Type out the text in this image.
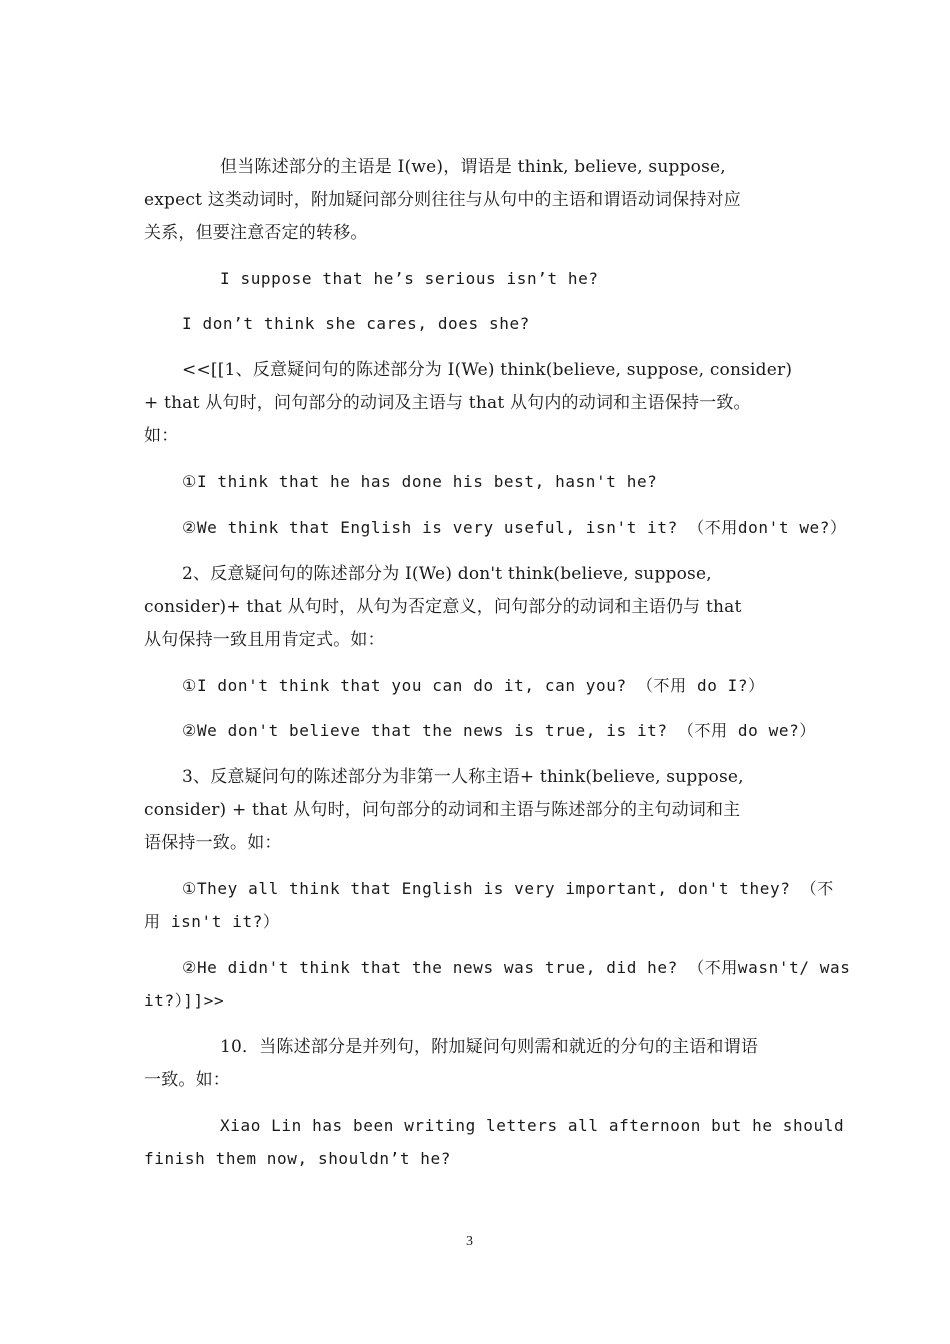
但当陈述部分的主语是 I(we)，谓语是 think, believe, suppose,
expect 这类动词时，附加疑问部分则往往与从句中的主语和谓语动词保持对应
关系，但要注意否定的转移。
I suppose that he’s serious isn’t he?
I don’t think she cares, does she?
<<[[1、反意疑问句的陈述部分为 I(We) think(believe, suppose, consider)
+ that 从句时，问句部分的动词及主语与 that 从句内的动词和主语保持一致。
如：
①I think that he has done his best, hasn't he?
②We think that English is very useful, isn't it? （不用don't we?）
2、反意疑问句的陈述部分为 I(We) don't think(believe, suppose,
consider)+ that 从句时，从句为否定意义，问句部分的动词和主语仍与 that
从句保持一致且用肯定式。如：
①I don't think that you can do it, can you? （不用 do I?）
②We don't believe that the news is true, is it? （不用 do we?）
3、反意疑问句的陈述部分为非第一人称主语+ think(believe, suppose,
consider) + that 从句时，问句部分的动词和主语与陈述部分的主句动词和主
语保持一致。如：
①They all think that English is very important, don't they? （不
用 isn't it?）
②He didn't think that the news was true, did he? （不用wasn't/ was
it?）]]>>
10．当陈述部分是并列句，附加疑问句则需和就近的分句的主语和谓语
一致。如：
Xiao Lin has been writing letters all afternoon but he should
finish them now, shouldn’t he?
3
